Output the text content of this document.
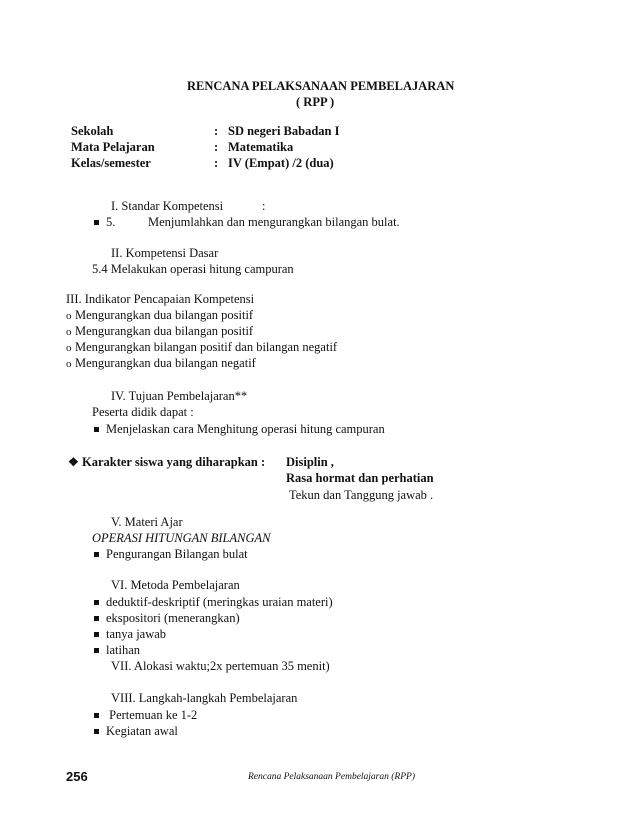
RENCANA PELAKSANAAN PEMBELAJARAN
( RPP )
Sekolah	: SD negeri Babadan I
Mata Pelajaran	: Matematika
Kelas/semester	: IV (Empat) /2 (dua)
I. Standar Kompetensi	:
5.	Menjumlahkan dan mengurangkan bilangan bulat.
II. Kompetensi Dasar
5.4 Melakukan operasi hitung campuran
III. Indikator Pencapaian Kompetensi
o Mengurangkan dua bilangan positif
o Mengurangkan dua bilangan positif
o Mengurangkan bilangan positif dan bilangan negatif
o Mengurangkan dua bilangan negatif
IV. Tujuan Pembelajaran**
Peserta didik dapat :
Menjelaskan cara Menghitung operasi hitung campuran
❖ Karakter siswa yang diharapkan : Disiplin ,
Rasa hormat dan perhatian
Tekun dan Tanggung jawab .
V. Materi Ajar
OPERASI HITUNGAN BILANGAN
Pengurangan Bilangan bulat
VI. Metoda Pembelajaran
deduktif-deskriptif (meringkas uraian materi)
ekspositori (menerangkan)
tanya jawab
latihan
VII. Alokasi waktu;2x pertemuan 35 menit)
VIII. Langkah-langkah Pembelajaran
Pertemuan ke 1-2
Kegiatan awal
256	Rencana Pelaksanaan Pembelajaran (RPP)
